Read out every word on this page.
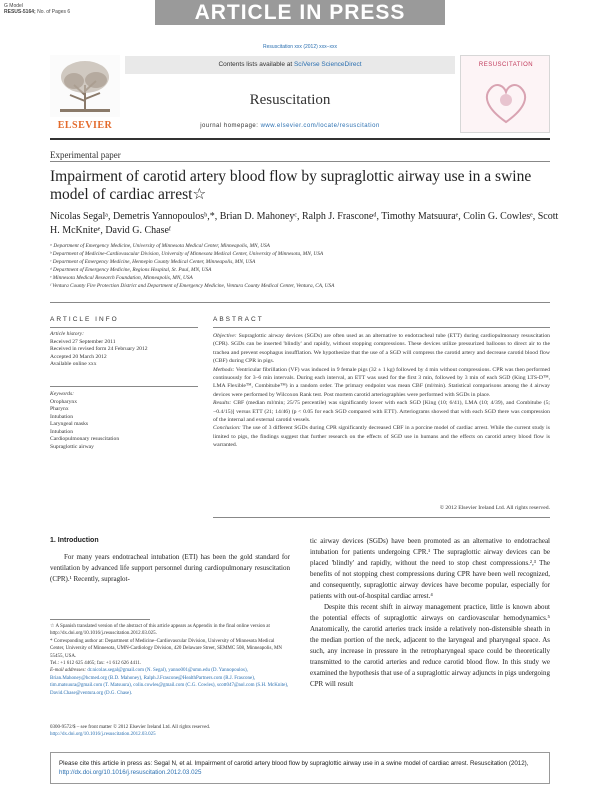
G Model
RESUS-5164; No. of Pages 6	ARTICLE IN PRESS
Resuscitation xxx (2012) xxx–xxx
ELSEVIER
Contents lists available at SciVerse ScienceDirect
Resuscitation
journal homepage: www.elsevier.com/locate/resuscitation
RESUSCITATION
Experimental paper
Impairment of carotid artery blood flow by supraglottic airway use in a swine model of cardiac arrest☆
Nicolas Segalᵃ, Demetris Yannopoulosᵇ,*, Brian D. Mahoneyᶜ, Ralph J. Frasconeᵈ, Timothy Matsuuraᵉ, Colin G. Cowlesᵉ, Scott H. McKniteᵉ, David G. Chaseᶠ
ᵃ Department of Emergency Medicine, University of Minnesota Medical Center, Minneapolis, MN, USA
ᵇ Department of Medicine-Cardiovascular Division, University of Minnesota Medical Center, University of Minnesota, MN, USA
ᶜ Department of Emergency Medicine, Hennepin County Medical Center, Minneapolis, MN, USA
ᵈ Department of Emergency Medicine, Regions Hospital, St. Paul, MN, USA
ᵉ Minnesota Medical Research Foundation, Minneapolis, MN, USA
ᶠ Ventura County Fire Protection District and Department of Emergency Medicine, Ventura County Medical Center, Ventura, CA, USA
ARTICLE INFO
Article history:
Received 27 September 2011
Received in revised form 24 February 2012
Accepted 20 March 2012
Available online xxx
Keywords:
Oropharynx
Pharynx
Intubation
Laryngeal masks
Intubation
Cardiopulmonary resuscitation
Supraglottic airway
ABSTRACT

Objective: Supraglottic airway devices (SGDs) are often used as an alternative to endotracheal tube (ETT) during cardiopulmonary resuscitation (CPR). SGDs can be inserted 'blindly' and rapidly, without stopping compressions. These devices utilize pressurized balloons to direct air to the trachea and prevent esophagus insufflation. We hypothesize that the use of a SGD will compress the carotid artery and decrease carotid blood flow (CBF) during CPR in pigs.

Methods: Ventricular fibrillation (VF) was induced in 9 female pigs (32 ± 1 kg) followed by 4 min without compressions. CPR was then performed continuously for 3–6 min intervals. During each interval, an ETT was used for the first 3 min, followed by 3 min of each SGD (King LTS-D™, LMA Flexible™, Combitube™) in a random order. The primary endpoint was mean CBF (ml/min). Statistical comparisons among the 4 airway devices were performed by Wilcoxon Rank test. Post mortem carotid arteriographies were performed with SGDs in place.

Results: CBF (median ml/min; 25/75 percentile) was significantly lower with each SGD [King (10; 6/41), LMA (10; 4/39), and Combitube (5; −0.4/15)] versus ETT (21; 14/46) (p < 0.05 for each SGD compared with ETT). Arteriograms showed that with each SGD there was compression of the internal and external carotid vessels.

Conclusion: The use of 3 different SGDs during CPR significantly decreased CBF in a porcine model of cardiac arrest. While the current study is limited to pigs, the findings suggest that further research on the effects of SGD use in humans and the effects on carotid artery blood flow is warranted.

© 2012 Elsevier Ireland Ltd. All rights reserved.
1. Introduction

For many years endotracheal intubation (ETI) has been the gold standard for ventilation by advanced life support personnel during cardiopulmonary resuscitation (CPR).¹ Recently, supraglot-

tic airway devices (SGDs) have been promoted as an alternative to endotracheal intubation for patients undergoing CPR.¹ The supraglottic airway devices can be placed 'blindly' and rapidly, without the need to stop chest compressions.²,³ The benefits of not stopping chest compressions during CPR have been well recognized, and consequently, supraglottic airway devices have become popular, especially for patients with out-of-hospital cardiac arrest.⁴

Despite this recent shift in airway management practice, little is known about the potential effects of supraglottic airways on cardiovascular hemodynamics.⁵ Anatomically, the carotid arteries track inside a relatively non-distensible sheath in the median portion of the neck, adjacent to the laryngeal and pharyngeal space. As such, any increase in pressure in the retropharyngeal space could be theoretically transmitted to the carotid arteries and reduce carotid blood flow. In this study we examined the hypothesis that use of a supraglottic airway adjuncts in pigs undergoing CPR will result

☆ A Spanish translated version of the abstract of this article appears as Appendix in the final online version at http://dx.doi.org/10.1016/j.resuscitation.2012.03.025.
* Corresponding author at: Department of Medicine–Cardiovascular Division, University of Minnesota Medical Center, University of Minnesota, UMN-Cardiology Division, 420 Delaware Street, SEMMC 508, Minneapolis, MN 55455, USA.
Tel.: +1 612 625 4465; fax: +1 612 626 4411.
E-mail addresses: dr.nicolas.segal@gmail.com (N. Segal), yanno001@umn.edu (D. Yannopoulos), Brian.Mahoney@hcmed.org (B.D. Mahoney), Ralph.J.Frascone@HealthPartners.com (R.J. Frascone), tim.matsuura@gmail.com (T. Matsuura), colin.cowles@gmail.com (C.G. Cowles), scott047@aol.com (S.H. McKnite), David.Chase@ventura.org (D.G. Chase).
0300-9572/$ – see front matter © 2012 Elsevier Ireland Ltd. All rights reserved.
http://dx.doi.org/10.1016/j.resuscitation.2012.03.025
Please cite this article in press as: Segal N, et al. Impairment of carotid artery blood flow by supraglottic airway use in a swine model of cardiac arrest. Resuscitation (2012), http://dx.doi.org/10.1016/j.resuscitation.2012.03.025
